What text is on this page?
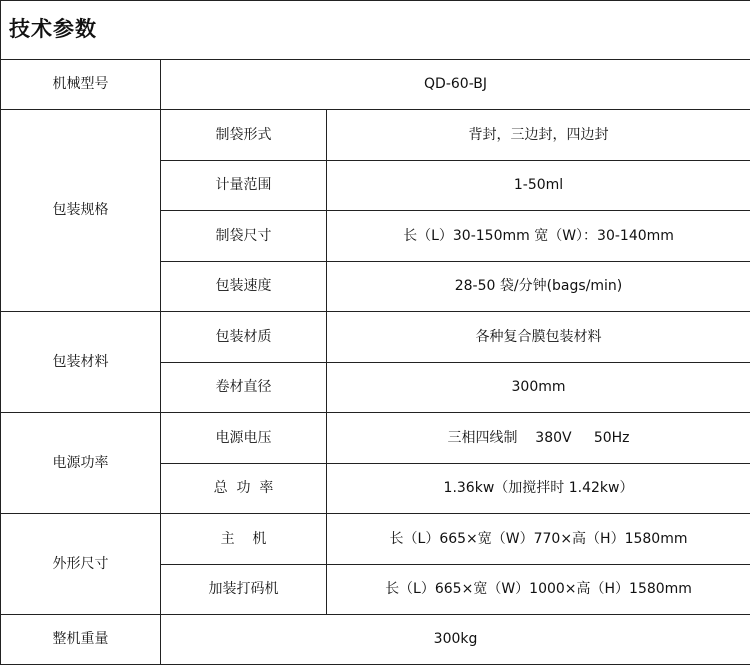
技术参数		
机械型号	QD-60-BJ	
包装规格	制袋形式	背封，三边封，四边封
	计量范围	1-50ml
	制袋尺寸	长（L）30-150mm 宽（W）：30-140mm
	包装速度	28-50 袋/分钟(bags/min)
包装材料	包装材质	各种复合膜包装材料
	卷材直径	300mm
电源功率	电源电压	三相四线制    380V     50Hz
	总  功  率	1.36kw（加搅拌时 1.42kw）
外形尺寸	主    机	长（L）665×宽（W）770×高（H）1580mm
	加装打码机	长（L）665×宽（W）1000×高（H）1580mm
整机重量	300kg	
